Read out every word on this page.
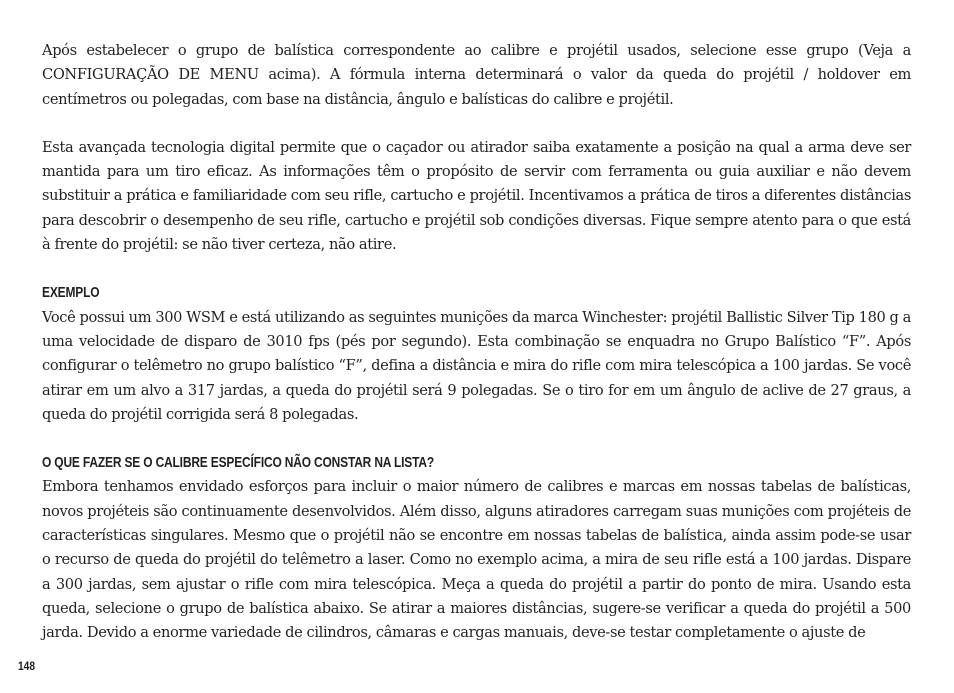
Após estabelecer o grupo de balística correspondente ao calibre e projétil usados, selecione esse grupo (Veja a CONFIGURAÇÃO DE MENU acima). A fórmula interna determinará o valor da queda do projétil / holdover em centímetros ou polegadas, com base na distância, ângulo e balísticas do calibre e projétil.

Esta avançada tecnologia digital permite que o caçador ou atirador saiba exatamente a posição na qual a arma deve ser mantida para um tiro eficaz. As informações têm o propósito de servir com ferramenta ou guia auxiliar e não devem substituir a prática e familiaridade com seu rifle, cartucho e projétil. Incentivamos a prática de tiros a diferentes distâncias para descobrir o desempenho de seu rifle, cartucho e projétil sob condições diversas. Fique sempre atento para o que está à frente do projétil: se não tiver certeza, não atire.

EXEMPLO

Você possui um 300 WSM e está utilizando as seguintes munições da marca Winchester: projétil Ballistic Silver Tip 180 g a uma velocidade de disparo de 3010 fps (pés por segundo). Esta combinação se enquadra no Grupo Balístico “F”. Após configurar o telêmetro no grupo balístico “F”, defina a distância e mira do rifle com mira telescópica a 100 jardas. Se você atirar em um alvo a 317 jardas, a queda do projétil será 9 polegadas. Se o tiro for em um ângulo de aclive de 27 graus, a queda do projétil corrigida será 8 polegadas.

O QUE FAZER SE O CALIBRE ESPECÍFICO NÃO CONSTAR NA LISTA?

Embora tenhamos envidado esforços para incluir o maior número de calibres e marcas em nossas tabelas de balísticas, novos projéteis são continuamente desenvolvidos. Além disso, alguns atiradores carregam suas munições com projéteis de características singulares. Mesmo que o projétil não se encontre em nossas tabelas de balística, ainda assim pode-se usar o recurso de queda do projétil do telêmetro a laser. Como no exemplo acima, a mira de seu rifle está a 100 jardas. Dispare a 300 jardas, sem ajustar o rifle com mira telescópica. Meça a queda do projétil a partir do ponto de mira. Usando esta queda, selecione o grupo de balística abaixo. Se atirar a maiores distâncias, sugere-se verificar a queda do projétil a 500 jarda. Devido a enorme variedade de cilindros, câmaras e cargas manuais, deve-se testar completamente o ajuste de

148
